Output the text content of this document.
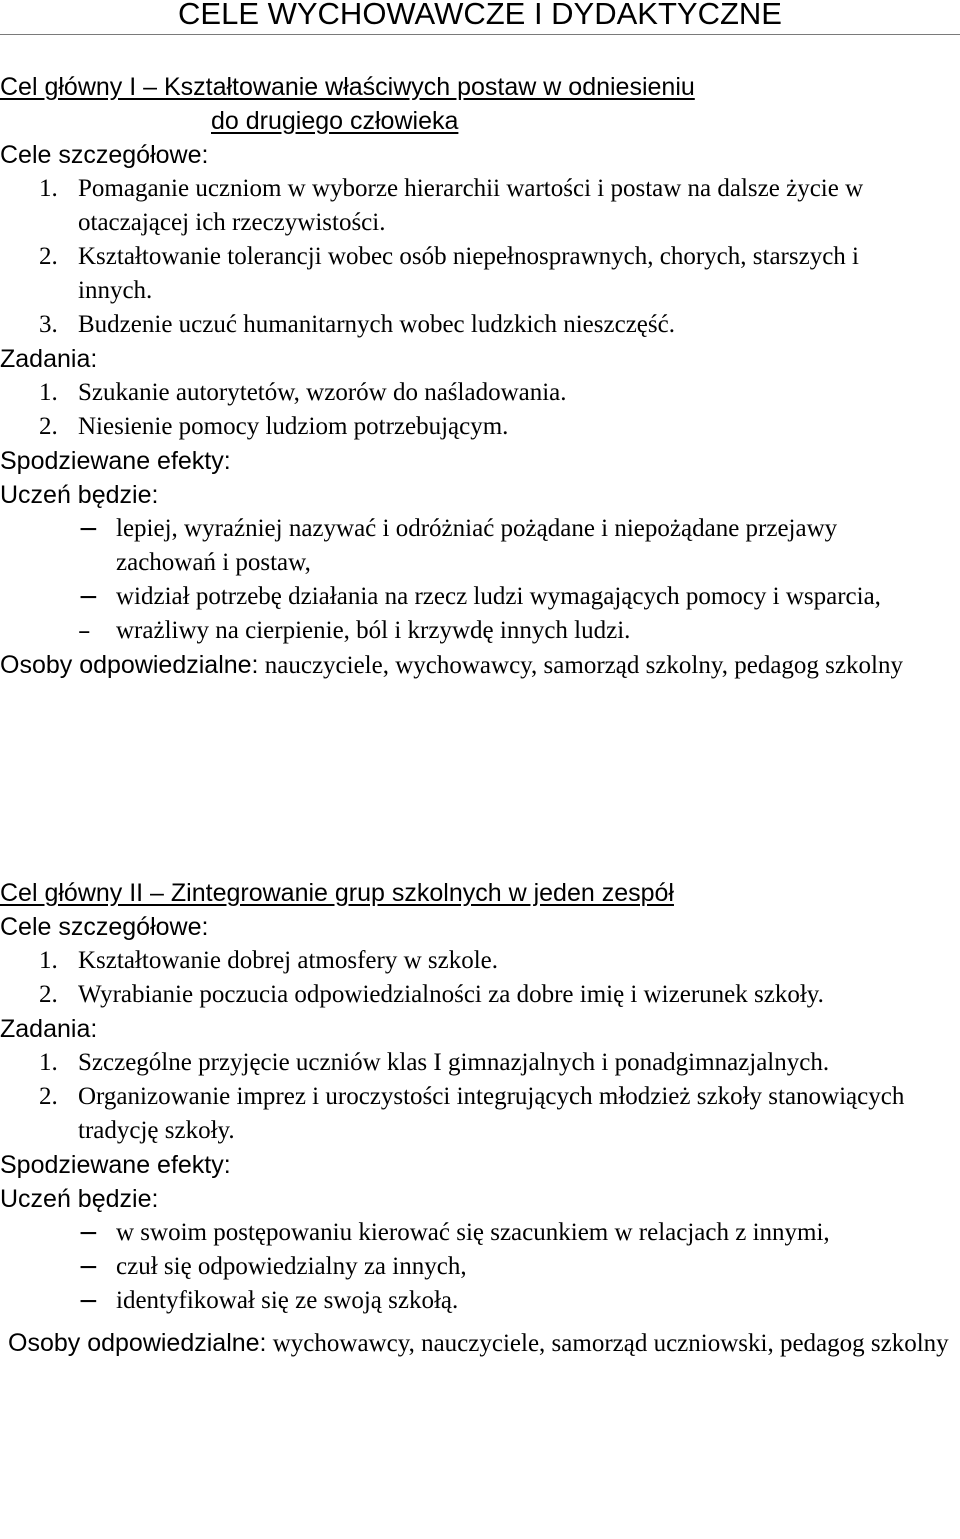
CELE WYCHOWAWCZE I DYDAKTYCZNE

Cel główny I – Kształtowanie właściwych postaw w odniesieniu
do drugiego człowieka

Cele szczegółowe:

1. Pomaganie uczniom w wyborze hierarchii wartości i postaw na dalsze życie w otaczającej ich rzeczywistości.
2. Kształtowanie tolerancji wobec osób niepełnosprawnych, chorych, starszych i innych.
3. Budzenie uczuć humanitarnych wobec ludzkich nieszczęść.

Zadania:

1. Szukanie autorytetów, wzorów do naśladowania.
2. Niesienie pomocy ludziom potrzebującym.

Spodziewane efekty:

Uczeń będzie:

− lepiej, wyraźniej nazywać i odróżniać pożądane i niepożądane przejawy zachowań i postaw,
− widział potrzebę działania na rzecz ludzi wymagających pomocy i wsparcia,
– wrażliwy na cierpienie, ból i krzywdę innych ludzi.

Osoby odpowiedzialne: nauczyciele, wychowawcy, samorząd szkolny, pedagog szkolny

Cel główny II – Zintegrowanie grup szkolnych w jeden zespół

Cele szczegółowe:

1. Kształtowanie dobrej atmosfery w szkole.
2. Wyrabianie poczucia odpowiedzialności za dobre imię i wizerunek szkoły.

Zadania:

1. Szczególne przyjęcie uczniów klas I gimnazjalnych i ponadgimnazjalnych.
2. Organizowanie imprez i uroczystości integrujących młodzież szkoły stanowiących tradycję szkoły.

Spodziewane efekty:

Uczeń będzie:

− w swoim postępowaniu kierować się szacunkiem w relacjach z innymi,
− czuł się odpowiedzialny za innych,
− identyfikował się ze swoją szkołą.

Osoby odpowiedzialne: wychowawcy, nauczyciele, samorząd uczniowski, pedagog szkolny
